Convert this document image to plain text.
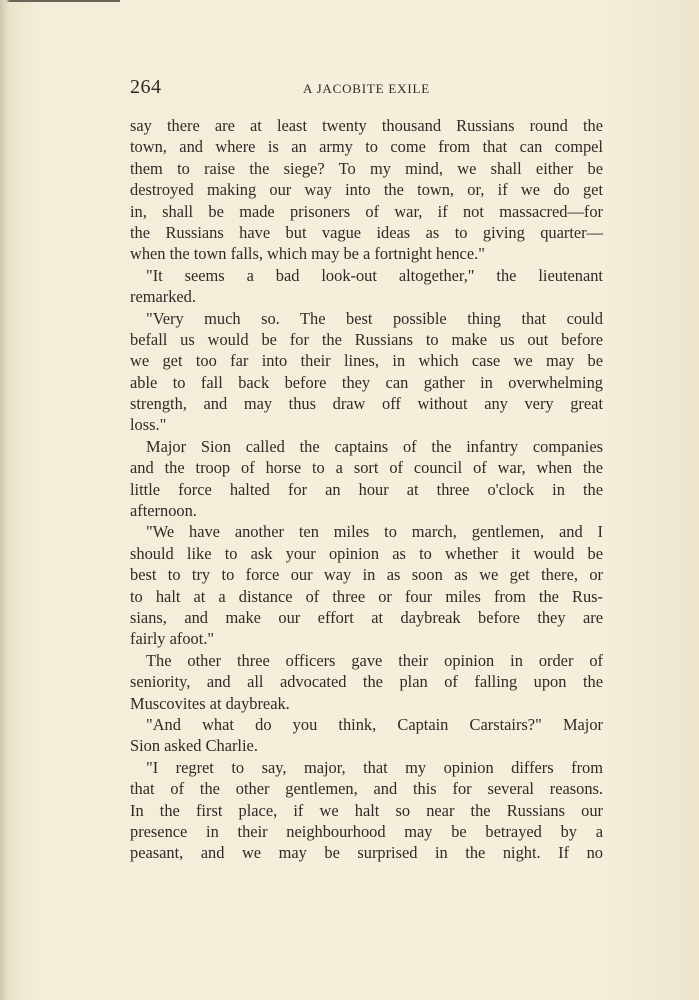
264	A JACOBITE EXILE
say there are at least twenty thousand Russians round the
town, and where is an army to come from that can compel
them to raise the siege? To my mind, we shall either be
destroyed making our way into the town, or, if we do get
in, shall be made prisoners of war, if not massacred—for
the Russians have but vague ideas as to giving quarter—
when the town falls, which may be a fortnight hence."
"It seems a bad look-out altogether," the lieutenant
remarked.
"Very much so. The best possible thing that could
befall us would be for the Russians to make us out before
we get too far into their lines, in which case we may be
able to fall back before they can gather in overwhelming
strength, and may thus draw off without any very great
loss."
Major Sion called the captains of the infantry companies
and the troop of horse to a sort of council of war, when the
little force halted for an hour at three o'clock in the
afternoon.
"We have another ten miles to march, gentlemen, and I
should like to ask your opinion as to whether it would be
best to try to force our way in as soon as we get there, or
to halt at a distance of three or four miles from the Rus-
sians, and make our effort at daybreak before they are
fairly afoot."
The other three officers gave their opinion in order of
seniority, and all advocated the plan of falling upon the
Muscovites at daybreak.
"And what do you think, Captain Carstairs?" Major
Sion asked Charlie.
"I regret to say, major, that my opinion differs from
that of the other gentlemen, and this for several reasons.
In the first place, if we halt so near the Russians our
presence in their neighbourhood may be betrayed by a
peasant, and we may be surprised in the night. If no
